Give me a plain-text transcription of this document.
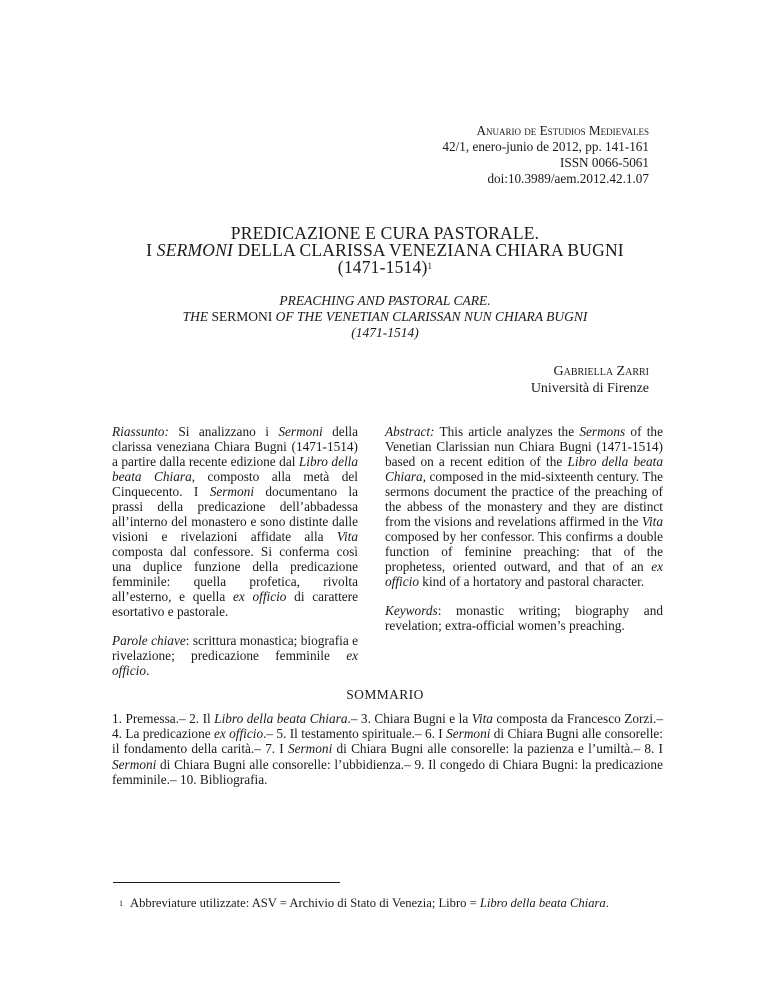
Anuario de Estudios Medievales
42/1, enero-junio de 2012, pp. 141-161
ISSN 0066-5061
doi:10.3989/aem.2012.42.1.07
PREDICAZIONE E CURA PASTORALE.
I SERMONI DELLA CLARISSA VENEZIANA CHIARA BUGNI
(1471-1514)$^1$
PREACHING AND PASTORAL CARE.
THE SERMONI OF THE VENETIAN CLARISSAN NUN CHIARA BUGNI
(1471-1514)
Gabriella Zarri
Università di Firenze

Riassunto: Si analizzano i Sermoni della clarissa veneziana Chiara Bugni (1471-1514) a partire dalla recente edizione dal Libro della beata Chiara, composto alla metà del Cinquecento. I Sermoni documentano la prassi della predicazione dell’abbadessa all’interno del monastero e sono distinte dalle visioni e rivelazioni affidate alla Vita composta dal confessore. Si conferma così una duplice funzione della predicazione femminile: quella profetica, rivolta all’esterno, e quella ex officio di carattere esortativo e pastorale.

Parole chiave: scrittura monastica; biografia e rivelazione; predicazione femminile ex officio.

Abstract: This article analyzes the Sermons of the Venetian Clarissian nun Chiara Bugni (1471-1514) based on a recent edition of the Libro della beata Chiara, composed in the mid-sixteenth century. The sermons document the practice of the preaching of the abbess of the monastery and they are distinct from the visions and revelations affirmed in the Vita composed by her confessor. This confirms a double function of feminine preaching: that of the prophetess, oriented outward, and that of an ex officio kind of a hortatory and pastoral character.

Keywords: monastic writing; biography and revelation; extra-official women’s preaching.

SOMMARIO

1. Premessa.– 2. Il Libro della beata Chiara.– 3. Chiara Bugni e la Vita composta da Francesco Zorzi.– 4. La predicazione ex officio.– 5. Il testamento spirituale.– 6. I Sermoni di Chiara Bugni alle consorelle: il fondamento della carità.– 7. I Sermoni di Chiara Bugni alle consorelle: la pazienza e l’umiltà.– 8. I Sermoni di Chiara Bugni alle consorelle: l’ubbidienza.– 9. Il congedo di Chiara Bugni: la predicazione femminile.– 10. Bibliografia.

$^1$ Abbreviature utilizzate: ASV = Archivio di Stato di Venezia; Libro = Libro della beata Chiara.
